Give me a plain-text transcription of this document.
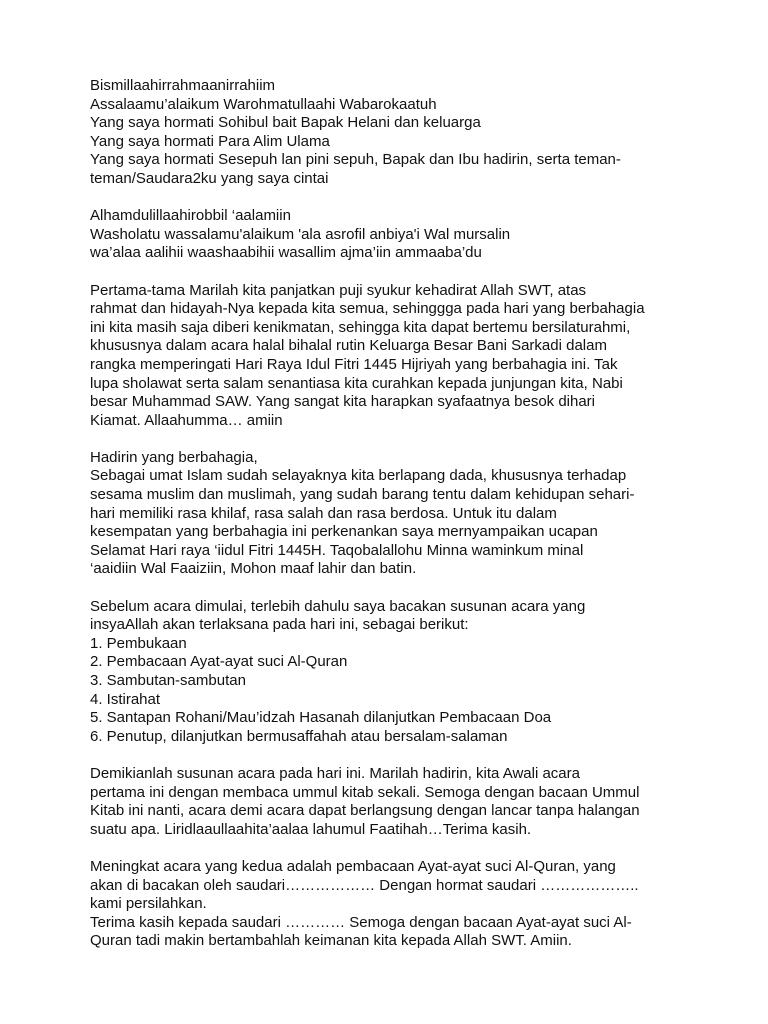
Bismillaahirrahmaanirrahiim
Assalaamu’alaikum Warohmatullaahi Wabarokaatuh
Yang saya hormati Sohibul bait Bapak Helani dan keluarga
Yang saya hormati Para Alim Ulama
Yang saya hormati Sesepuh lan pini sepuh, Bapak dan Ibu hadirin, serta teman-
teman/Saudara2ku yang saya cintai
Alhamdulillaahirobbil ‘aalamiin
Washolatu wassalamu'alaikum 'ala asrofil anbiya'i Wal mursalin
wa’alaa aalihii waashaabihii wasallim ajma’iin ammaaba’du
Pertama-tama Marilah kita panjatkan puji syukur kehadirat Allah SWT, atas
rahmat dan hidayah-Nya kepada kita semua, sehinggga pada hari yang berbahagia
ini kita masih saja diberi kenikmatan, sehingga kita dapat bertemu bersilaturahmi,
khususnya dalam acara halal bihalal rutin Keluarga Besar Bani Sarkadi dalam
rangka memperingati Hari Raya Idul Fitri 1445 Hijriyah yang berbahagia ini. Tak
lupa sholawat serta salam senantiasa kita curahkan kepada junjungan kita, Nabi
besar Muhammad SAW. Yang sangat kita harapkan syafaatnya besok dihari
Kiamat. Allaahumma… amiin
Hadirin yang berbahagia,
Sebagai umat Islam sudah selayaknya kita berlapang dada, khususnya terhadap
sesama muslim dan muslimah, yang sudah barang tentu dalam kehidupan sehari-
hari memiliki rasa khilaf, rasa salah dan rasa berdosa. Untuk itu dalam
kesempatan yang berbahagia ini perkenankan saya mernyampaikan ucapan
Selamat Hari raya ‘iidul Fitri 1445H. Taqobalallohu Minna waminkum minal
‘aaidiin Wal Faaiziin, Mohon maaf lahir dan batin.
Sebelum acara dimulai, terlebih dahulu saya bacakan susunan acara yang
insyaAllah akan terlaksana pada hari ini, sebagai berikut:
1. Pembukaan
2. Pembacaan Ayat-ayat suci Al-Quran
3. Sambutan-sambutan
4. Istirahat
5. Santapan Rohani/Mau’idzah Hasanah dilanjutkan Pembacaan Doa
6. Penutup, dilanjutkan bermusaffahah atau bersalam-salaman
Demikianlah susunan acara pada hari ini. Marilah hadirin, kita Awali acara
pertama ini dengan membaca ummul kitab sekali. Semoga dengan bacaan Ummul
Kitab ini nanti, acara demi acara dapat berlangsung dengan lancar tanpa halangan
suatu apa. Liridlaaullaahita’aalaa lahumul Faatihah…Terima kasih.
Meningkat acara yang kedua adalah pembacaan Ayat-ayat suci Al-Quran, yang
akan di bacakan oleh saudari……………… Dengan hormat saudari ………………..
kami persilahkan.
Terima kasih kepada saudari ………… Semoga dengan bacaan Ayat-ayat suci Al-
Quran tadi makin bertambahlah keimanan kita kepada Allah SWT. Amiin.
